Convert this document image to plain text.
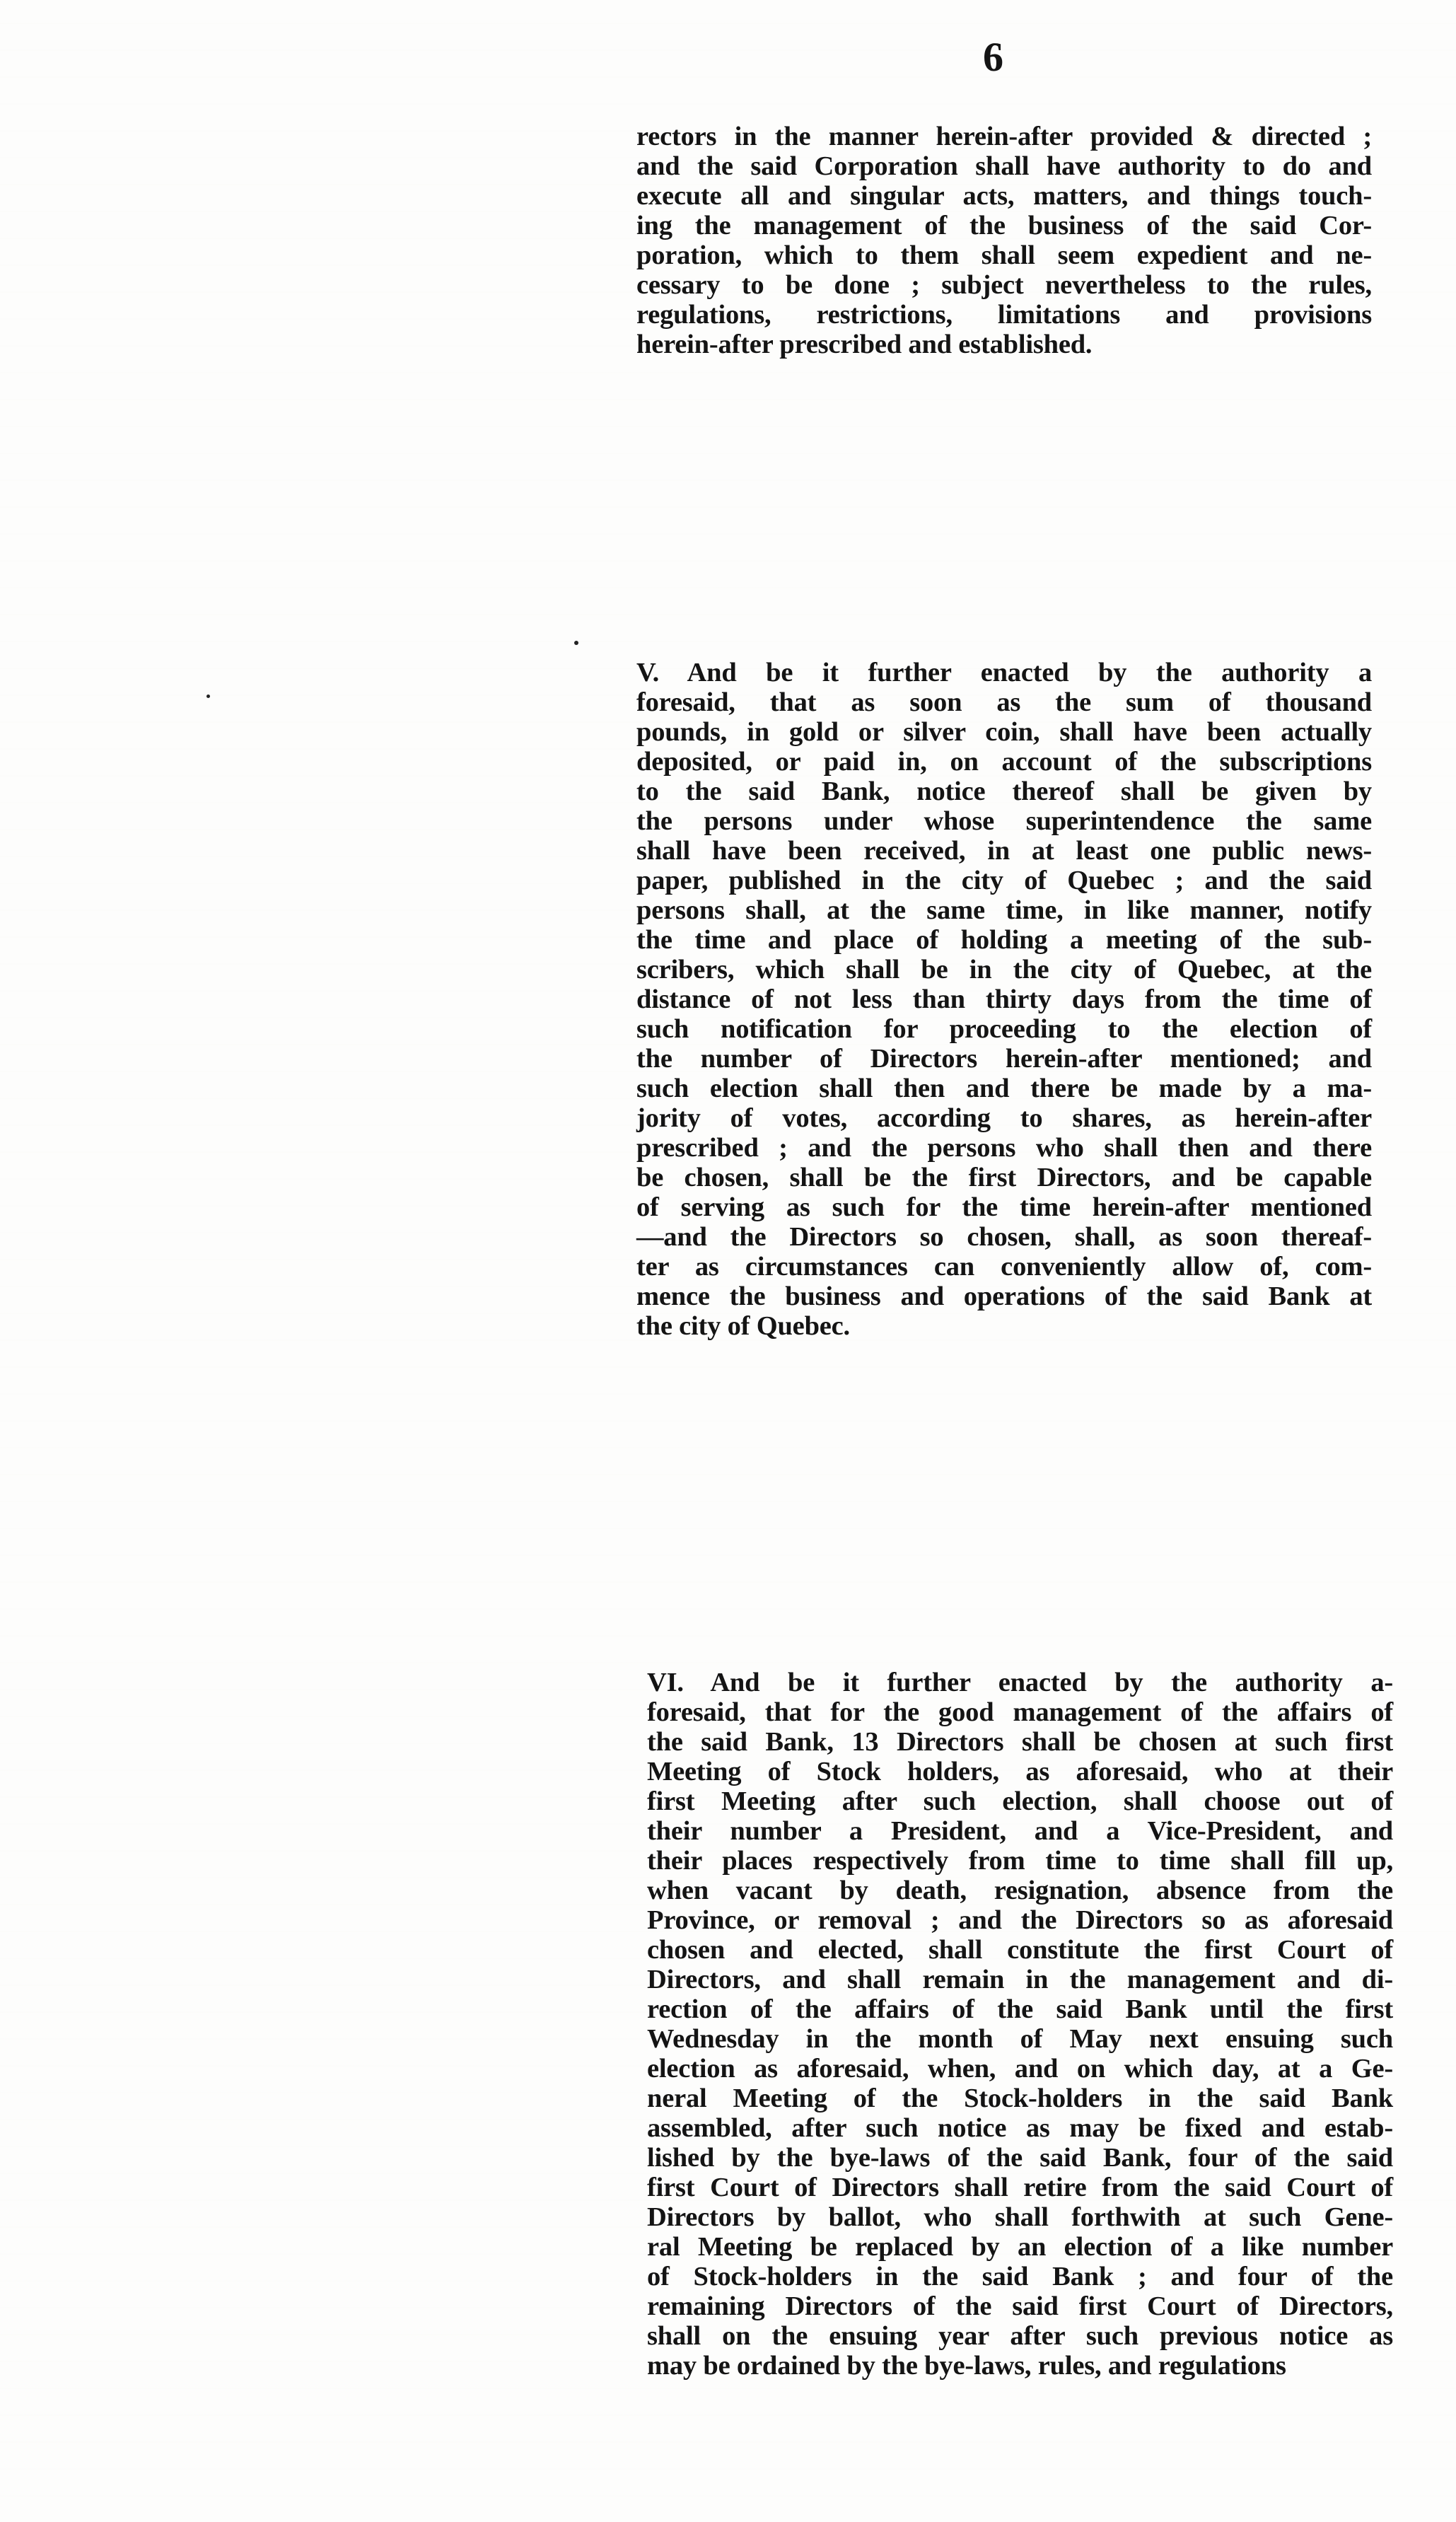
6
rectors in the manner herein-after provided & directed ;
and the said Corporation shall have authority to do and
execute all and singular acts, matters, and things touch-
ing the management of the business of the said Cor-
poration, which to them shall seem expedient and ne-
cessary to be done ; subject nevertheless to the rules,
regulations, restrictions, limitations and provisions
herein-after prescribed and established.
V. And be it further enacted by the authority a
foresaid, that as soon as the sum of thousand
pounds, in gold or silver coin, shall have been actually
deposited, or paid in, on account of the subscriptions
to the said Bank, notice thereof shall be given by
the persons under whose superintendence the same
shall have been received, in at least one public news-
paper, published in the city of Quebec ; and the said
persons shall, at the same time, in like manner, notify
the time and place of holding a meeting of the sub-
scribers, which shall be in the city of Quebec, at the
distance of not less than thirty days from the time of
such notification for proceeding to the election of
the number of Directors herein-after mentioned; and
such election shall then and there be made by a ma-
jority of votes, according to shares, as herein-after
prescribed ; and the persons who shall then and there
be chosen, shall be the first Directors, and be capable
of serving as such for the time herein-after mentioned
—and the Directors so chosen, shall, as soon thereaf-
ter as circumstances can conveniently allow of, com-
mence the business and operations of the said Bank at
the city of Quebec.
VI. And be it further enacted by the authority a-
foresaid, that for the good management of the affairs of
the said Bank, 13 Directors shall be chosen at such first
Meeting of Stock holders, as aforesaid, who at their
first Meeting after such election, shall choose out of
their number a President, and a Vice-President, and
their places respectively from time to time shall fill up,
when vacant by death, resignation, absence from the
Province, or removal ; and the Directors so as aforesaid
chosen and elected, shall constitute the first Court of
Directors, and shall remain in the management and di-
rection of the affairs of the said Bank until the first
Wednesday in the month of May next ensuing such
election as aforesaid, when, and on which day, at a Ge-
neral Meeting of the Stock-holders in the said Bank
assembled, after such notice as may be fixed and estab-
lished by the bye-laws of the said Bank, four of the said
first Court of Directors shall retire from the said Court of
Directors by ballot, who shall forthwith at such Gene-
ral Meeting be replaced by an election of a like number
of Stock-holders in the said Bank ; and four of the
remaining Directors of the said first Court of Directors,
shall on the ensuing year after such previous notice as
may be ordained by the bye-laws, rules, and regulations
